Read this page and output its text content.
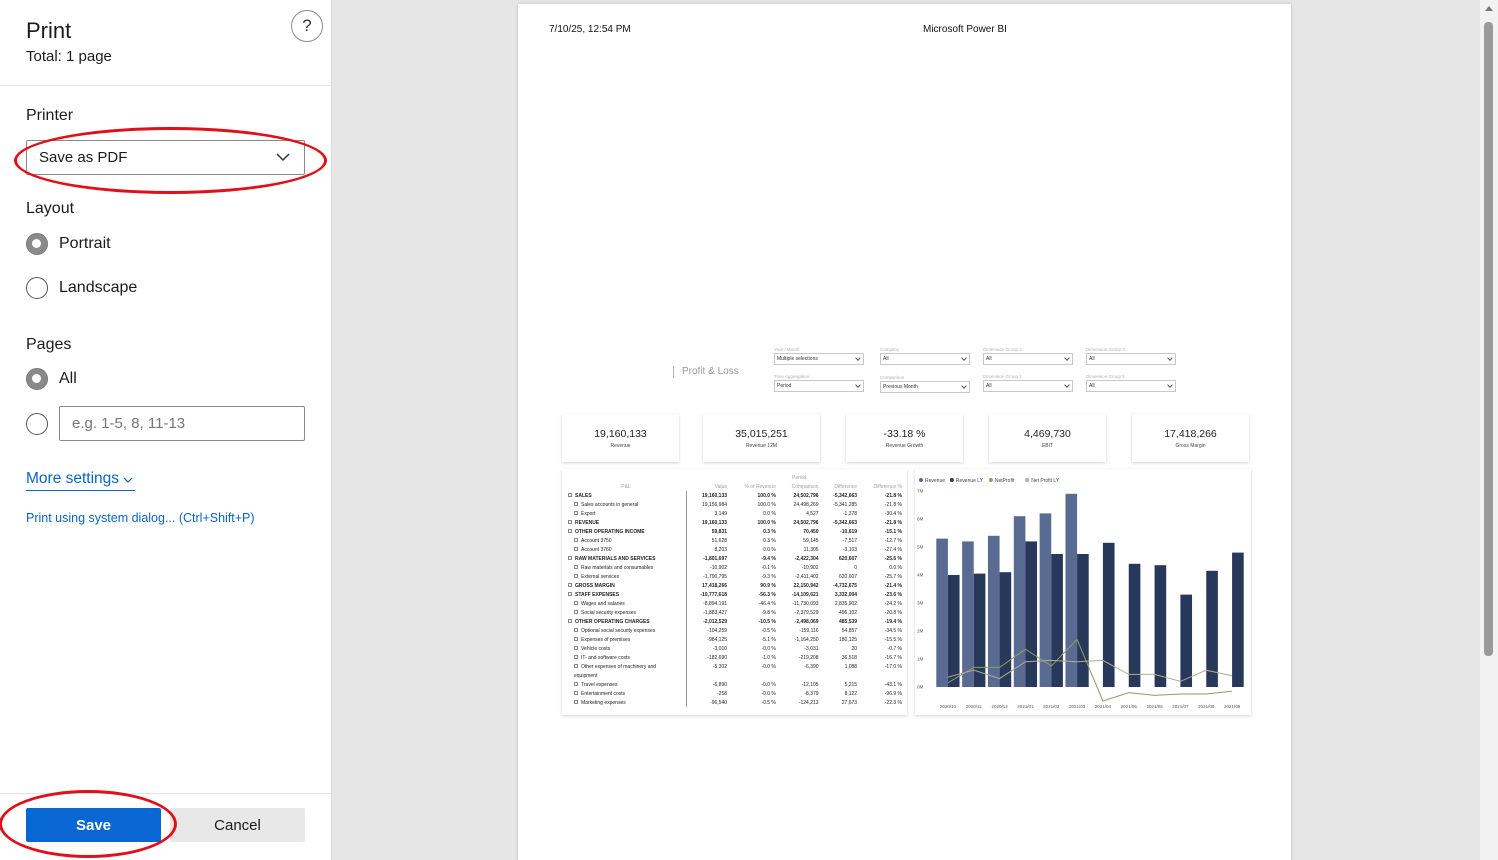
Print
Total: 1 page
?
Printer
Save as PDF
Layout
Portrait
Landscape
Pages
All
e.g. 1-5, 8, 11-13
More settings
Print using system dialog... (Ctrl+Shift+P)
Save	Cancel
7/10/25, 12:54 PM	Microsoft Power BI
Profit & Loss
Year / Month
Multiple selections
Time Aggregation
Period
Company
All
Comparison
Previous Month
Dimension Group 2
All
Dimension Group 1
All
Dimension Group 3
All
Dimension Group 5
All
19,160,133
Revenue
35,015,251
Revenue 12M
-33.18 %
Revenue Growth
4,469,730
EBIT
17,418,266
Gross Margin
			Period		
P&L	Value	% of Revenue	Comparison	Difference	Difference %
SALES	19,160,133	100.0 %	24,502,796	-5,342,663	-21.8 %
Sales accounts in general	19,156,984	100.0 %	24,498,269	-5,341,285	-21.8 %
Export	3,149	0.0 %	4,527	-1,378	-30.4 %
REVENUE	19,160,133	100.0 %	24,502,796	-5,342,663	-21.8 %
OTHER OPERATING INCOME	59,831	0.3 %	70,450	-10,619	-15.1 %
Account 3750	51,628	0.3 %	59,145	-7,517	-12.7 %
Account 3760	8,203	0.0 %	11,305	-3,103	-27.4 %
RAW MATERIALS AND SERVICES	-1,801,697	-9.4 %	-2,422,304	620,607	-25.6 %
Raw materials and consumables	-10,902	-0.1 %	-10,902	0	0.0 %
External services	-1,790,795	-9.3 %	-2,411,402	620,607	-25.7 %
GROSS MARGIN	17,418,266	90.9 %	22,150,942	-4,732,675	-21.4 %
STAFF EXPENSES	-10,777,618	-56.3 %	-14,109,621	3,332,004	-23.6 %
Wages and salaries	-8,894,191	-46.4 %	-11,730,093	2,835,902	-24.2 %
Social security expenses	-1,883,427	-9.8 %	-2,379,529	496,102	-20.8 %
OTHER OPERATING CHARGES	-2,012,529	-10.5 %	-2,498,069	485,539	-19.4 %
Optional social security expenses	-104,259	-0.5 %	-159,116	54,857	-34.5 %
Expenses of premises	-984,125	-5.1 %	-1,164,250	180,125	-15.5 %
Vehicle costs	-3,010	-0.0 %	-3,031	20	-0.7 %
IT- and software costs	-182,690	-1.0 %	-219,208	36,518	-16.7 %
Other expenses of machinery and	-5,302	-0.0 %	-6,390	1,088	-17.0 %
equipment					
Travel expenses	-6,890	-0.0 %	-12,105	5,215	-43.1 %
Entertainment costs	-258	-0.0 %	-8,379	8,122	-96.9 %
Marketing expenses	-96,540	-0.5 %	-124,213	27,673	-22.3 %
Revenue Revenue LY NetProfit	Net Profit LY
0M
1M
2M
3M
4M
5M
6M
7M
2020/10 2020/11 2020/12 2021/01 2021/02 2021/03 2021/04 2021/05 2021/06 2021/07 2021/08 2021/09
